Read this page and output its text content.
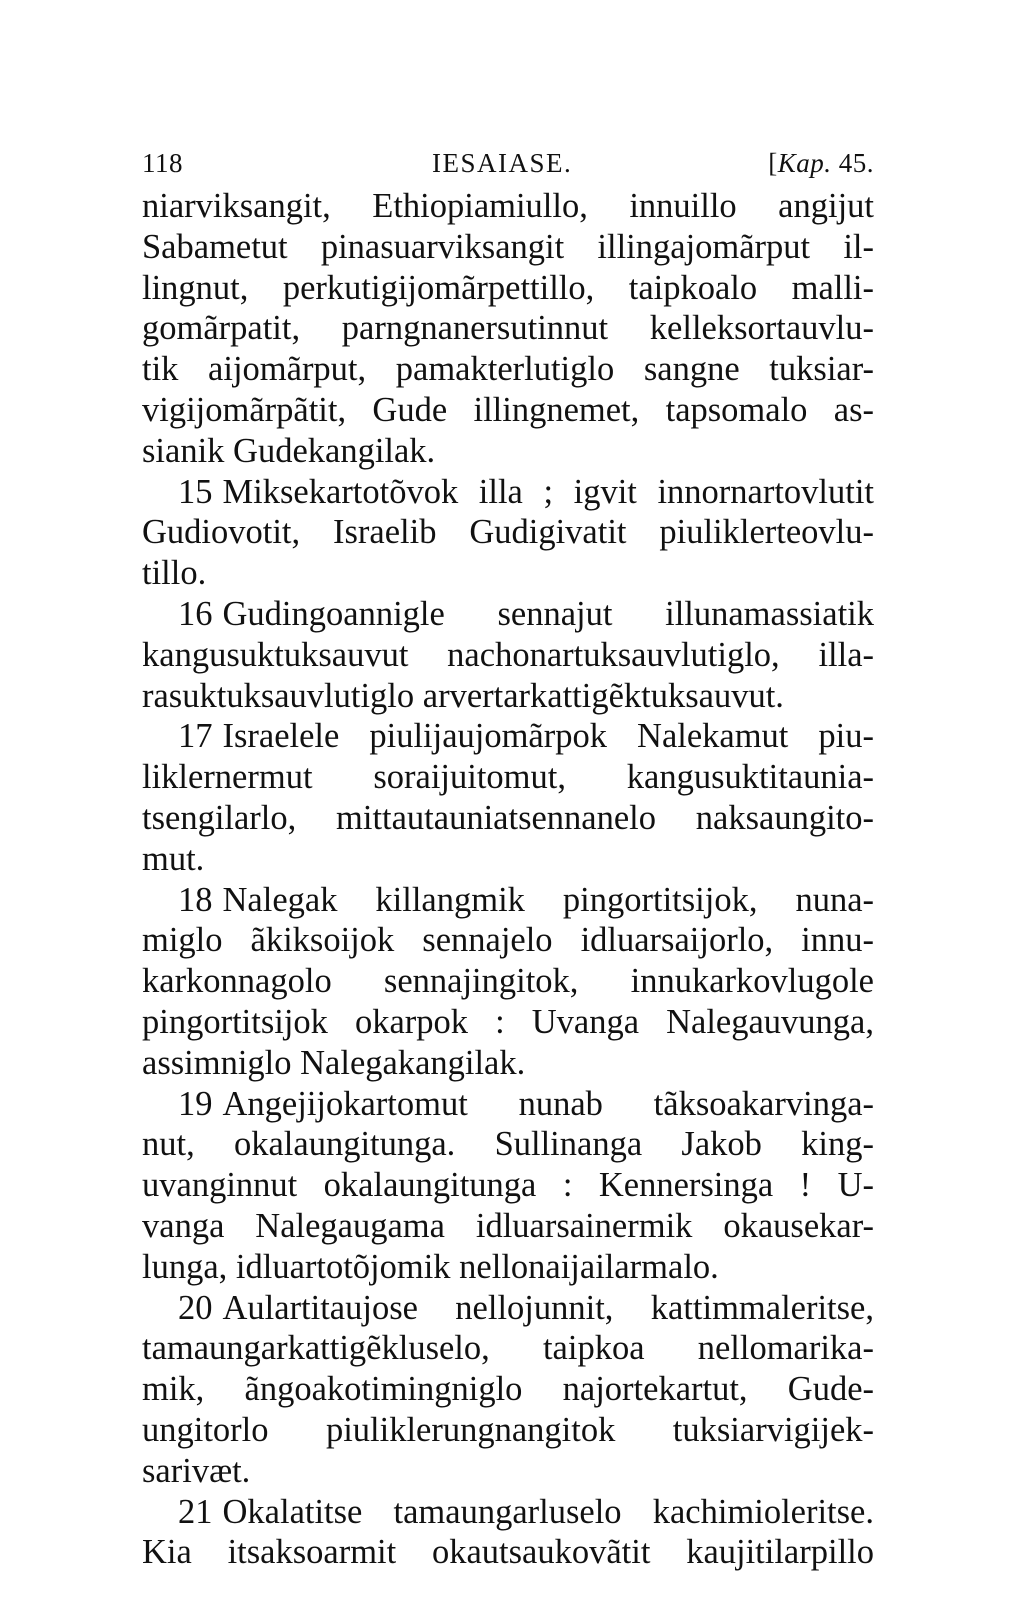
118	IESAIASE.	[Kap. 45.
niarviksangit, Ethiopiamiullo, innuillo angijut
Sabametut pinasuarviksangit illingajomãrput il-
lingnut, perkutigijomãrpettillo, taipkoalo malli-
gomãrpatit, parngnanersutinnut kelleksortauvlu-
tik aijomãrput, pamakterlutiglo sangne tuksiar-
vigijomãrpãtit, Gude illingnemet, tapsomalo as-
sianik Gudekangilak.
15 Miksekartotõvok illa ; igvit innornartovlutit
Gudiovotit, Israelib Gudigivatit piuliklerteovlu-
tillo.
16 Gudingoannigle sennajut illunamassiatik
kangusuktuksauvut nachonartuksauvlutiglo, illa-
rasuktuksauvlutiglo arvertarkattigẽktuksauvut.
17 Israelele piulijaujomãrpok Nalekamut piu-
liklernermut soraijuitomut, kangusuktitaunia-
tsengilarlo, mittautauniatsennanelo naksaungito-
mut.
18 Nalegak killangmik pingortitsijok, nuna-
miglo ãkiksoijok sennajelo idluarsaijorlo, innu-
karkonnagolo sennajingitok, innukarkovlugole
pingortitsijok okarpok : Uvanga Nalegauvunga,
assimniglo Nalegakangilak.
19 Angejijokartomut nunab tãksoakarvinga-
nut, okalaungitunga. Sullinanga Jakob king-
uvanginnut okalaungitunga : Kennersinga ! U-
vanga Nalegaugama idluarsainermik okausekar-
lunga, idluartotõjomik nellonaijailarmalo.
20 Aulartitaujose nellojunnit, kattimmaleritse,
tamaungarkattigẽkluselo, taipkoa nellomarika-
mik, ãngoakotimingniglo najortekartut, Gude-
ungitorlo piuliklerungnangitok tuksiarvigijek-
sarivæt.
21 Okalatitse tamaungarluselo kachimioleritse.
Kia itsaksoarmit okautsaukovãtit kaujitilarpillo
